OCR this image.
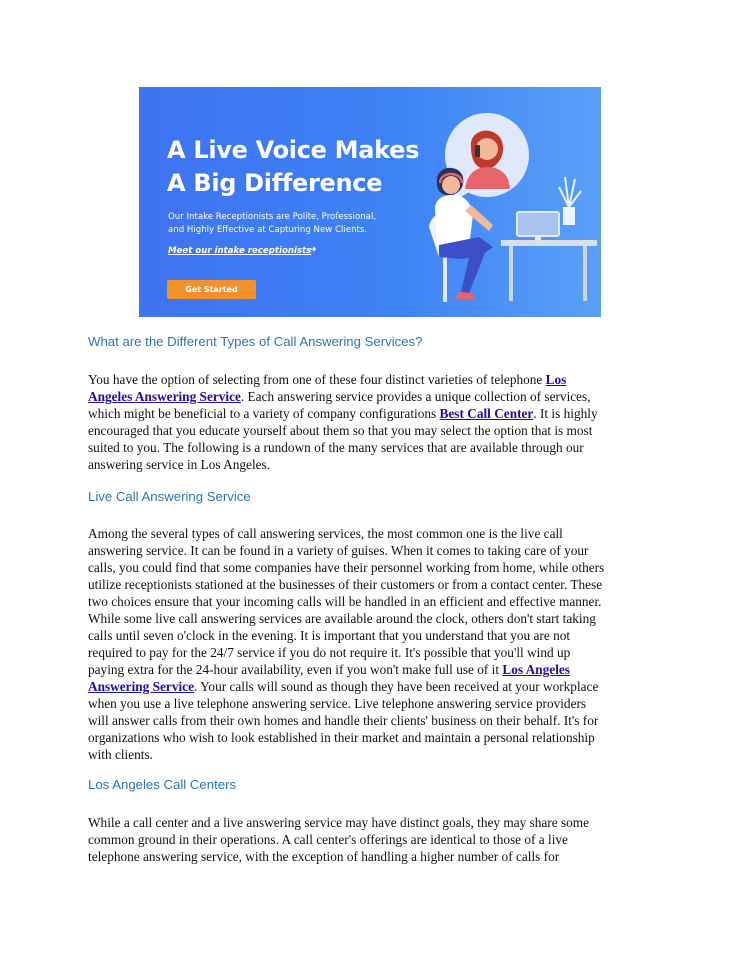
A Live Voice Makes
A Big Difference
Our Intake Receptionists are Polite, Professional,
and Highly Effective at Capturing New Clients.
Meet our intake receptionists
➜
Get Started
What are the Different Types of Call Answering Services?
You have the option of selecting from one of these four distinct varieties of telephone Los
Angeles Answering Service. Each answering service provides a unique collection of services,
which might be beneficial to a variety of company configurations Best Call Center. It is highly
encouraged that you educate yourself about them so that you may select the option that is most
suited to you. The following is a rundown of the many services that are available through our
answering service in Los Angeles.
Live Call Answering Service
Among the several types of call answering services, the most common one is the live call
answering service. It can be found in a variety of guises. When it comes to taking care of your
calls, you could find that some companies have their personnel working from home, while others
utilize receptionists stationed at the businesses of their customers or from a contact center. These
two choices ensure that your incoming calls will be handled in an efficient and effective manner.
While some live call answering services are available around the clock, others don't start taking
calls until seven o'clock in the evening. It is important that you understand that you are not
required to pay for the 24/7 service if you do not require it. It's possible that you'll wind up
paying extra for the 24-hour availability, even if you won't make full use of it Los Angeles
Answering Service. Your calls will sound as though they have been received at your workplace
when you use a live telephone answering service. Live telephone answering service providers
will answer calls from their own homes and handle their clients' business on their behalf. It's for
organizations who wish to look established in their market and maintain a personal relationship
with clients.
Los Angeles Call Centers
While a call center and a live answering service may have distinct goals, they may share some
common ground in their operations. A call center's offerings are identical to those of a live
telephone answering service, with the exception of handling a higher number of calls for
